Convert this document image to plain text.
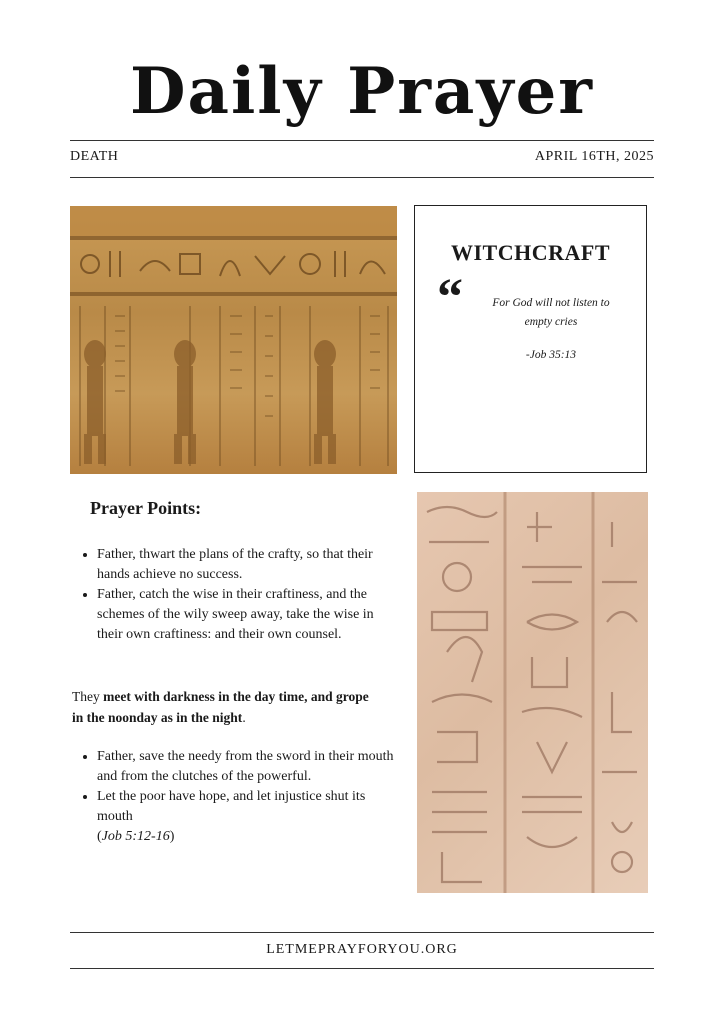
Daily Prayer
DEATH	APRIL 16TH, 2025
WITCHCRAFT
“	For God will not listen to empty cries
-Job 35:13
Prayer Points:
• Father, thwart the plans of the crafty, so that their hands achieve no success.
• Father, catch the wise in their craftiness, and the schemes of the wily sweep away, take the wise in their own craftiness: and their own counsel.
They meet with darkness in the day time, and grope in the noonday as in the night.
• Father, save the needy from the sword in their mouth and from the clutches of the powerful.
• Let the poor have hope, and let injustice shut its mouth
(Job 5:12-16)
LETMEPRAYFORYOU.ORG
